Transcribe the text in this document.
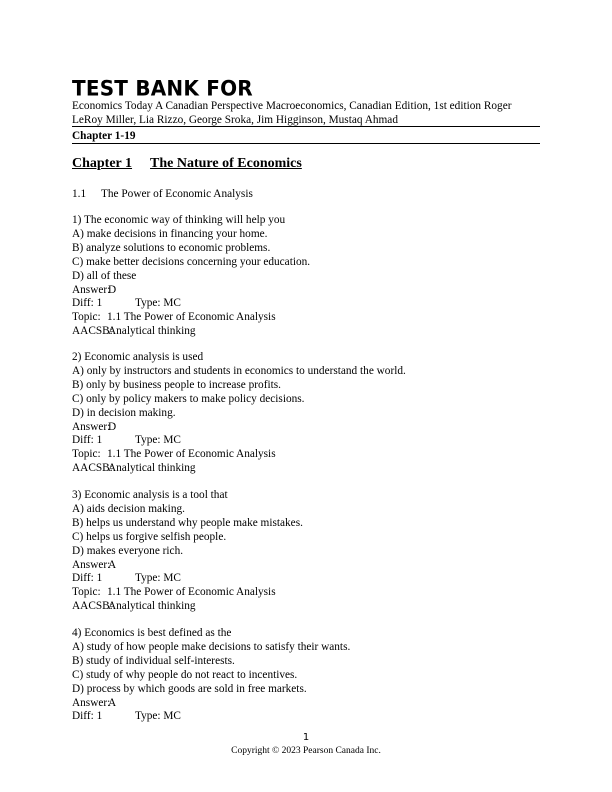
TEST BANK FOR
Economics Today A Canadian Perspective Macroeconomics, Canadian Edition, 1st edition Roger LeRoy Miller, Lia Rizzo, George Sroka, Jim Higginson, Mustaq Ahmad
Chapter 1-19
Chapter 1 The Nature of Economics
1.1 The Power of Economic Analysis
1) The economic way of thinking will help you
A) make decisions in financing your home.
B) analyze solutions to economic problems.
C) make better decisions concerning your education.
D) all of these
Answer:D
Diff: 1	Type: MC
Topic: 1.1 The Power of Economic Analysis
AACSB:Analytical thinking
2) Economic analysis is used
A) only by instructors and students in economics to understand the world.
B) only by business people to increase profits.
C) only by policy makers to make policy decisions.
D) in decision making.
Answer:D
Diff: 1	Type: MC
Topic: 1.1 The Power of Economic Analysis
AACSB:Analytical thinking
3) Economic analysis is a tool that
A) aids decision making.
B) helps us understand why people make mistakes.
C) helps us forgive selfish people.
D) makes everyone rich.
Answer:A
Diff: 1	Type: MC
Topic: 1.1 The Power of Economic Analysis
AACSB:Analytical thinking
4) Economics is best defined as the
A) study of how people make decisions to satisfy their wants.
B) study of individual self-interests.
C) study of why people do not react to incentives.
D) process by which goods are sold in free markets.
Answer:A
Diff: 1	Type: MC
1
Copyright © 2023 Pearson Canada Inc.
